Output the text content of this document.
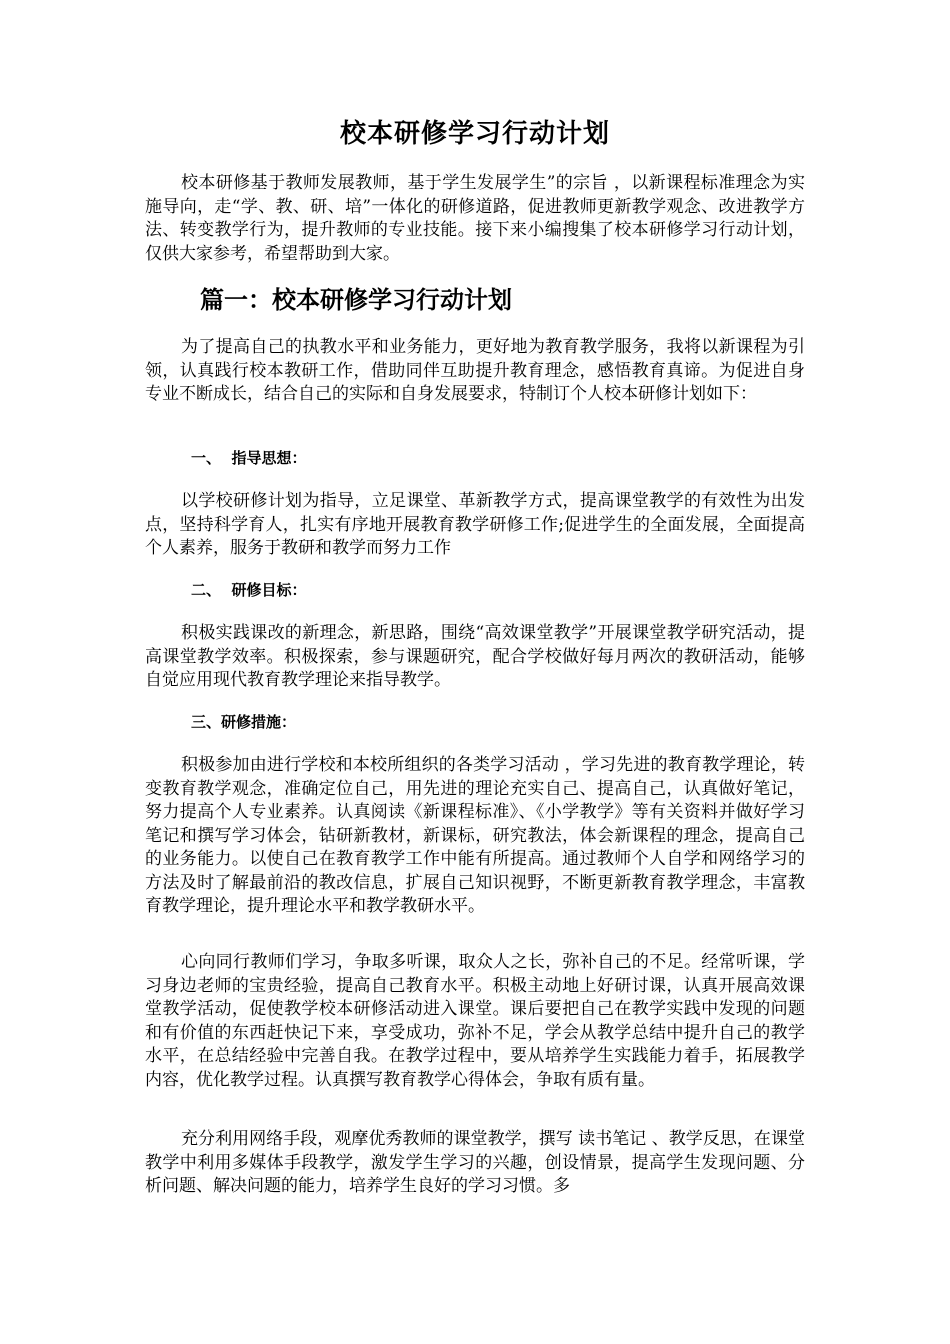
校本研修学习行动计划

校本研修基于教师发展教师，基于学生发展学生”的宗旨 ，以新课程标准理念为实施导向，走“学、教、研、培”一体化的研修道路，促进教师更新教学观念、改进教学方法、转变教学行为，提升教师的专业技能。接下来小编搜集了校本研修学习行动计划，仅供大家参考，希望帮助到大家。

篇一：校本研修学习行动计划

为了提高自己的执教水平和业务能力，更好地为教育教学服务，我将以新课程为引领，认真践行校本教研工作，借助同伴互助提升教育理念，感悟教育真谛。为促进自身专业不断成长，结合自己的实际和自身发展要求，特制订个人校本研修计划如下：

一、  指导思想：

以学校研修计划为指导，立足课堂、革新教学方式，提高课堂教学的有效性为出发点，坚持科学育人，扎实有序地开展教育教学研修工作;促进学生的全面发展，全面提高个人素养，服务于教研和教学而努力工作

二、  研修目标：

积极实践课改的新理念，新思路，围绕“高效课堂教学”开展课堂教学研究活动，提高课堂教学效率。积极探索，参与课题研究，配合学校做好每月两次的教研活动，能够自觉应用现代教育教学理论来指导教学。

三、研修措施：

积极参加由进行学校和本校所组织的各类学习活动 ，学习先进的教育教学理论，转变教育教学观念，准确定位自己，用先进的理论充实自己、提高自己，认真做好笔记，努力提高个人专业素养。认真阅读《新课程标准》、《小学教学》等有关资料并做好学习笔记和撰写学习体会，钻研新教材，新课标，研究教法，体会新课程的理念，提高自己的业务能力。以使自己在教育教学工作中能有所提高。通过教师个人自学和网络学习的方法及时了解最前沿的教改信息，扩展自己知识视野，不断更新教育教学理念，丰富教育教学理论，提升理论水平和教学教研水平。

心向同行教师们学习，争取多听课，取众人之长，弥补自己的不足。经常听课，学习身边老师的宝贵经验，提高自己教育水平。积极主动地上好研讨课，认真开展高效课堂教学活动，促使教学校本研修活动进入课堂。课后要把自己在教学实践中发现的问题和有价值的东西赶快记下来，享受成功，弥补不足，学会从教学总结中提升自己的教学水平，在总结经验中完善自我。在教学过程中，要从培养学生实践能力着手，拓展教学内容，优化教学过程。认真撰写教育教学心得体会，争取有质有量。

充分利用网络手段，观摩优秀教师的课堂教学，撰写 读书笔记 、教学反思，在课堂教学中利用多媒体手段教学，激发学生学习的兴趣，创设情景，提高学生发现问题、分析问题、解决问题的能力，培养学生良好的学习习惯。多
